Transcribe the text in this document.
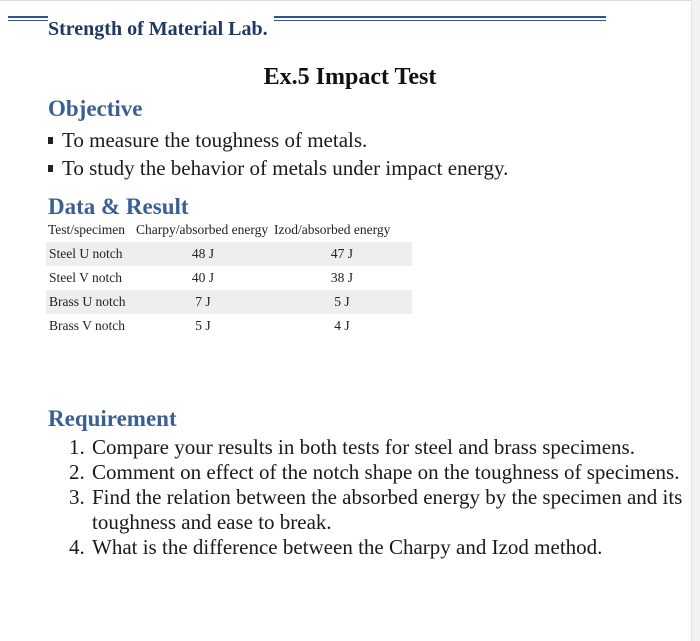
Strength of Material Lab.
Ex.5 Impact Test
Objective
To measure the toughness of metals.
To study the behavior of metals under impact energy.
Data & Result
Test/specimen	Charpy/absorbed energy	Izod/absorbed energy
Steel U notch	48 J	47 J
Steel V notch	40 J	38 J
Brass U notch	7 J	5 J
Brass V notch	5 J	4 J
Requirement
1. Compare your results in both tests for steel and brass specimens.
2. Comment on effect of the notch shape on the toughness of specimens.
3. Find the relation between the absorbed energy by the specimen and its toughness and ease to break.
4. What is the difference between the Charpy and Izod method.
